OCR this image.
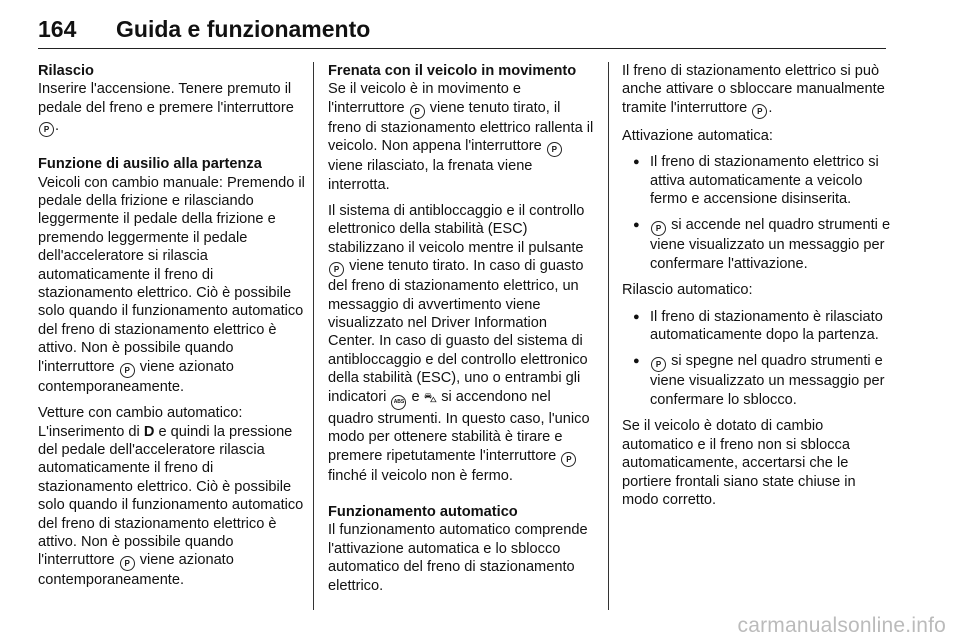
164 Guida e funzionamento
Rilascio

Inserire l'accensione. Tenere premuto il pedale del freno e premere l'interruttore P .

Funzione di ausilio alla partenza

Veicoli con cambio manuale: Premendo il pedale della frizione e rilasciando leggermente il pedale della frizione e premendo leggermente il pedale dell'acceleratore si rilascia automaticamente il freno di stazionamento elettrico. Ciò è possibile solo quando il funzionamento automatico del freno di stazionamento elettrico è attivo. Non è possibile quando l'interruttore P viene azionato contemporaneamente.

Vetture con cambio automatico: L'inserimento di D e quindi la pressione del pedale dell'acceleratore rilascia automaticamente il freno di stazionamento elettrico. Ciò è possibile solo quando il funzionamento automatico del freno di stazionamento elettrico è attivo. Non è possibile quando l'interruttore P viene azionato contemporaneamente.

Frenata con il veicolo in movimento

Se il veicolo è in movimento e l'interruttore P viene tenuto tirato, il freno di stazionamento elettrico rallenta il veicolo. Non appena l'interruttore P viene rilasciato, la frenata viene interrotta.

Il sistema di antibloccaggio e il controllo elettronico della stabilità (ESC) stabilizzano il veicolo mentre il pulsante P viene tenuto tirato. In caso di guasto del freno di stazionamento elettrico, un messaggio di avvertimento viene visualizzato nel Driver Information Center. In caso di guasto del sistema di antibloccaggio e del controllo elettronico della stabilità (ESC), uno o entrambi gli indicatori ABS e ⛍ si accendono nel quadro strumenti. In questo caso, l'unico modo per ottenere stabilità è tirare e premere ripetutamente l'interruttore P finché il veicolo non è fermo.

Funzionamento automatico

Il funzionamento automatico comprende l'attivazione automatica e lo sblocco automatico del freno di stazionamento elettrico.

Il freno di stazionamento elettrico si può anche attivare o sbloccare manualmente tramite l'interruttore P .

Attivazione automatica:

● Il freno di stazionamento elettrico si attiva automaticamente a veicolo fermo e accensione disinserita.
● P si accende nel quadro strumenti e viene visualizzato un messaggio per confermare l'attivazione.

Rilascio automatico:

● Il freno di stazionamento è rilasciato automaticamente dopo la partenza.
● P si spegne nel quadro strumenti e viene visualizzato un messaggio per confermare lo sblocco.

Se il veicolo è dotato di cambio automatico e il freno non si sblocca automaticamente, accertarsi che le portiere frontali siano state chiuse in modo corretto.

carmanualsonline.info
